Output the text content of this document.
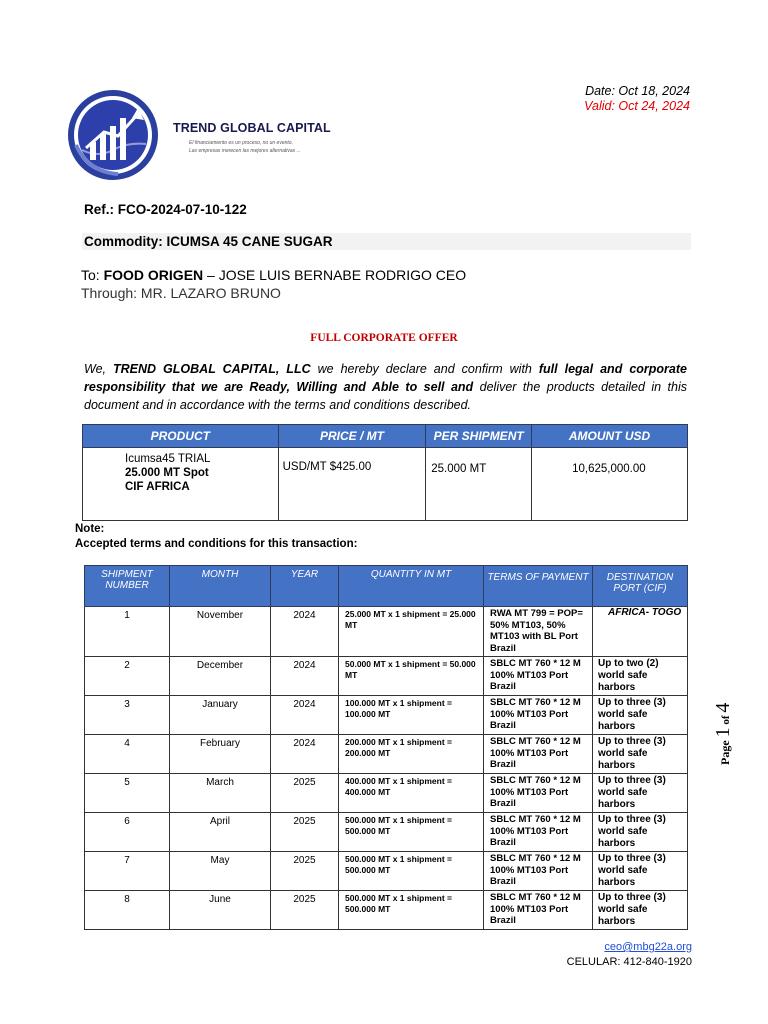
TREND GLOBAL CAPITAL
El financiamiento es un proceso, no un evento.
Las empresas merecen las mejores alternativas ...
Date: Oct 18, 2024
Valid: Oct 24, 2024
Ref.: FCO-2024-07-10-122
Commodity: ICUMSA 45 CANE SUGAR
To: FOOD ORIGEN – JOSE LUIS BERNABE RODRIGO CEO
Through: MR. LAZARO BRUNO
FULL CORPORATE OFFER
We, TREND GLOBAL CAPITAL, LLC we hereby declare and confirm with full legal and corporate responsibility that we are Ready, Willing and Able to sell and deliver the products detailed in this document and in accordance with the terms and conditions described.
PRODUCT	PRICE / MT	PER SHIPMENT	AMOUNT USD

Icumsa45 TRIAL
25.000 MT Spot
CIF AFRICA	USD/MT $425.00	25.000 MT	10,625,000.00
Note:
Accepted terms and conditions for this transaction:
SHIPMENT NUMBER	MONTH	YEAR	QUANTITY IN MT	TERMS OF PAYMENT	DESTINATION PORT (CIF)

1	November	2024	25.000 MT x 1 shipment = 25.000 MT	RWA MT 799 = POP= 50% MT103, 50% MT103 with BL Port Brazil	AFRICA- TOGO
2	December	2024	50.000 MT x 1 shipment = 50.000 MT	SBLC MT 760 * 12 M 100% MT103 Port Brazil	Up to two (2) world safe harbors
3	January	2024	100.000 MT x 1 shipment = 100.000 MT	SBLC MT 760 * 12 M 100% MT103 Port Brazil	Up to three (3) world safe harbors
4	February	2024	200.000 MT x 1 shipment = 200.000 MT	SBLC MT 760 * 12 M 100% MT103 Port Brazil	Up to three (3) world safe harbors
5	March	2025	400.000 MT x 1 shipment = 400.000 MT	SBLC MT 760 * 12 M 100% MT103 Port Brazil	Up to three (3) world safe harbors
6	April	2025	500.000 MT x 1 shipment = 500.000 MT	SBLC MT 760 * 12 M 100% MT103 Port Brazil	Up to three (3) world safe harbors
7	May	2025	500.000 MT x 1 shipment = 500.000 MT	SBLC MT 760 * 12 M 100% MT103 Port Brazil	Up to three (3) world safe harbors
8	June	2025	500.000 MT x 1 shipment = 500.000 MT	SBLC MT 760 * 12 M 100% MT103 Port Brazil	Up to three (3) world safe harbors
Page 1 of 4
ceo@mbg22a.org
CELULAR: 412-840-1920
